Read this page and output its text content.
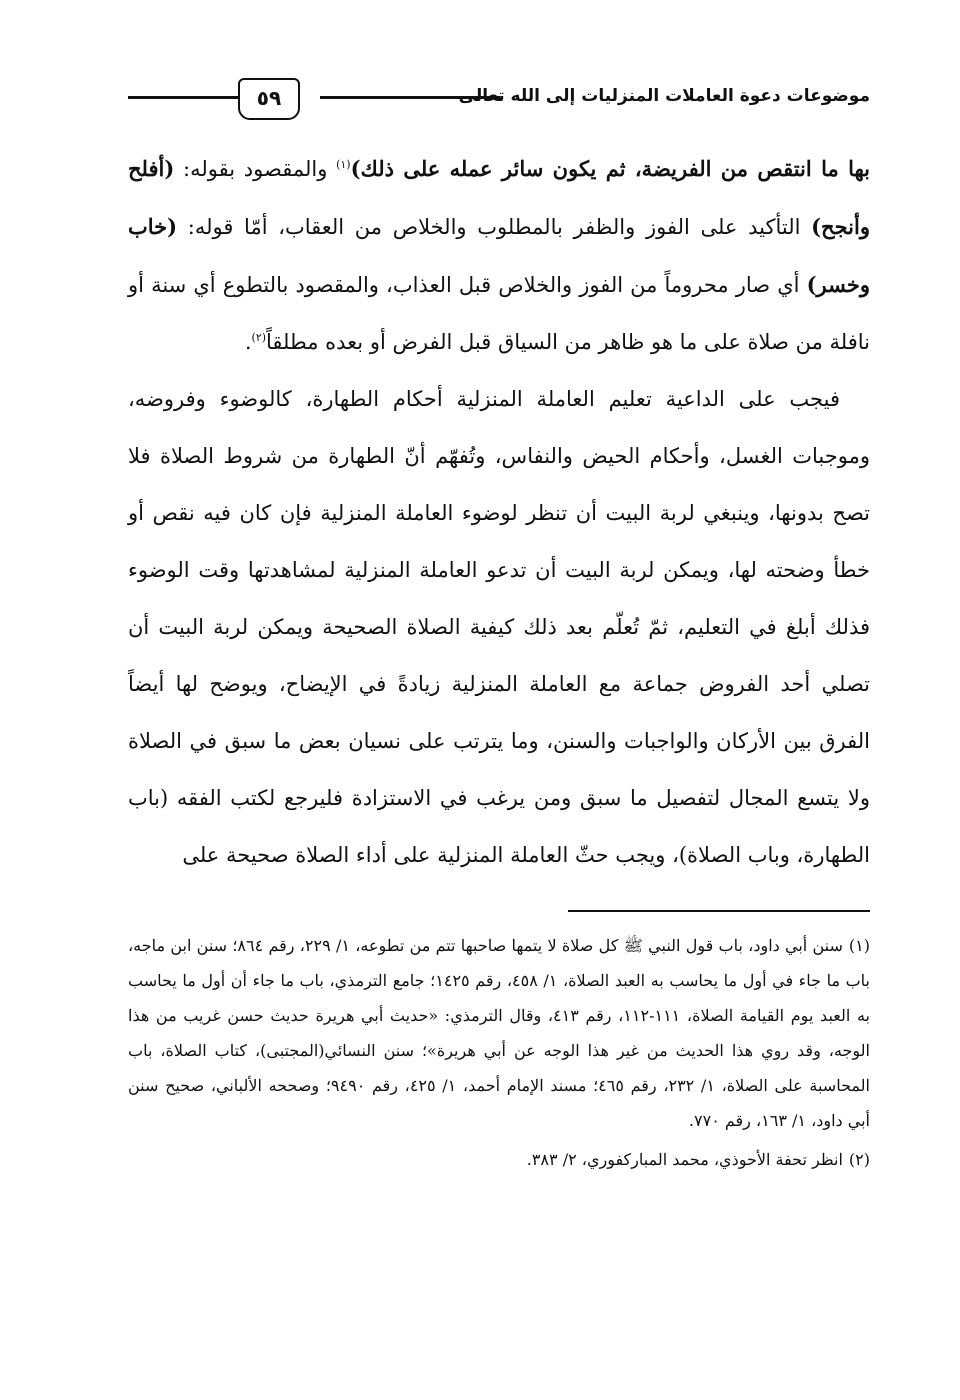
موضوعات دعوة العاملات المنزليات إلى الله تعالى
٥٩

بها ما انتقص من الفريضة، ثم يكون سائر عمله على ذلك)$^{(١)}$ والمقصود بقوله: (أفلح وأنجح) التأكيد على الفوز والظفر بالمطلوب والخلاص من العقاب، أمّا قوله: (خاب وخسر) أي صار محروماً من الفوز والخلاص قبل العذاب، والمقصود بالتطوع أي سنة أو نافلة من صلاة على ما هو ظاهر من السياق قبل الفرض أو بعده مطلقاً$^{(٢)}$.

فيجب على الداعية تعليم العاملة المنزلية أحكام الطهارة، كالوضوء وفروضه، وموجبات الغسل، وأحكام الحيض والنفاس، وتُفهّم أنّ الطهارة من شروط الصلاة فلا تصح بدونها، وينبغي لربة البيت أن تنظر لوضوء العاملة المنزلية فإن كان فيه نقص أو خطأ وضحته لها، ويمكن لربة البيت أن تدعو العاملة المنزلية لمشاهدتها وقت الوضوء فذلك أبلغ في التعليم، ثمّ تُعلّم بعد ذلك كيفية الصلاة الصحيحة ويمكن لربة البيت أن تصلي أحد الفروض جماعة مع العاملة المنزلية زيادةً في الإيضاح، ويوضح لها أيضاً الفرق بين الأركان والواجبات والسنن، وما يترتب على نسيان بعض ما سبق في الصلاة ولا يتسع المجال لتفصيل ما سبق ومن يرغب في الاستزادة فليرجع لكتب الفقه (باب الطهارة، وباب الصلاة)، ويجب حثّ العاملة المنزلية على أداء الصلاة صحيحة على

(١)سنن أبي داود، باب قول النبي ﷺ كل صلاة لا يتمها صاحبها تتم من تطوعه، ١/ ٢٢٩، رقم ٨٦٤؛ سنن ابن ماجه، باب ما جاء في أول ما يحاسب به العبد الصلاة، ١/ ٤٥٨، رقم ١٤٢٥؛ جامع الترمذي، باب ما جاء أن أول ما يحاسب به العبد يوم القيامة الصلاة، ١١١-١١٢، رقم ٤١٣، وقال الترمذي: «حديث أبي هريرة حديث حسن غريب من هذا الوجه، وقد روي هذا الحديث من غير هذا الوجه عن أبي هريرة»؛ سنن النسائي(المجتبى)، كتاب الصلاة، باب المحاسبة على الصلاة، ١/ ٢٣٢، رقم ٤٦٥؛ مسند الإمام أحمد، ١/ ٤٢٥، رقم ٩٤٩٠؛ وصححه الألباني، صحيح سنن أبي داود، ١/ ١٦٣، رقم ٧٧٠.

(٢)انظر تحفة الأحوذي، محمد المباركفوري، ٢/ ٣٨٣.
